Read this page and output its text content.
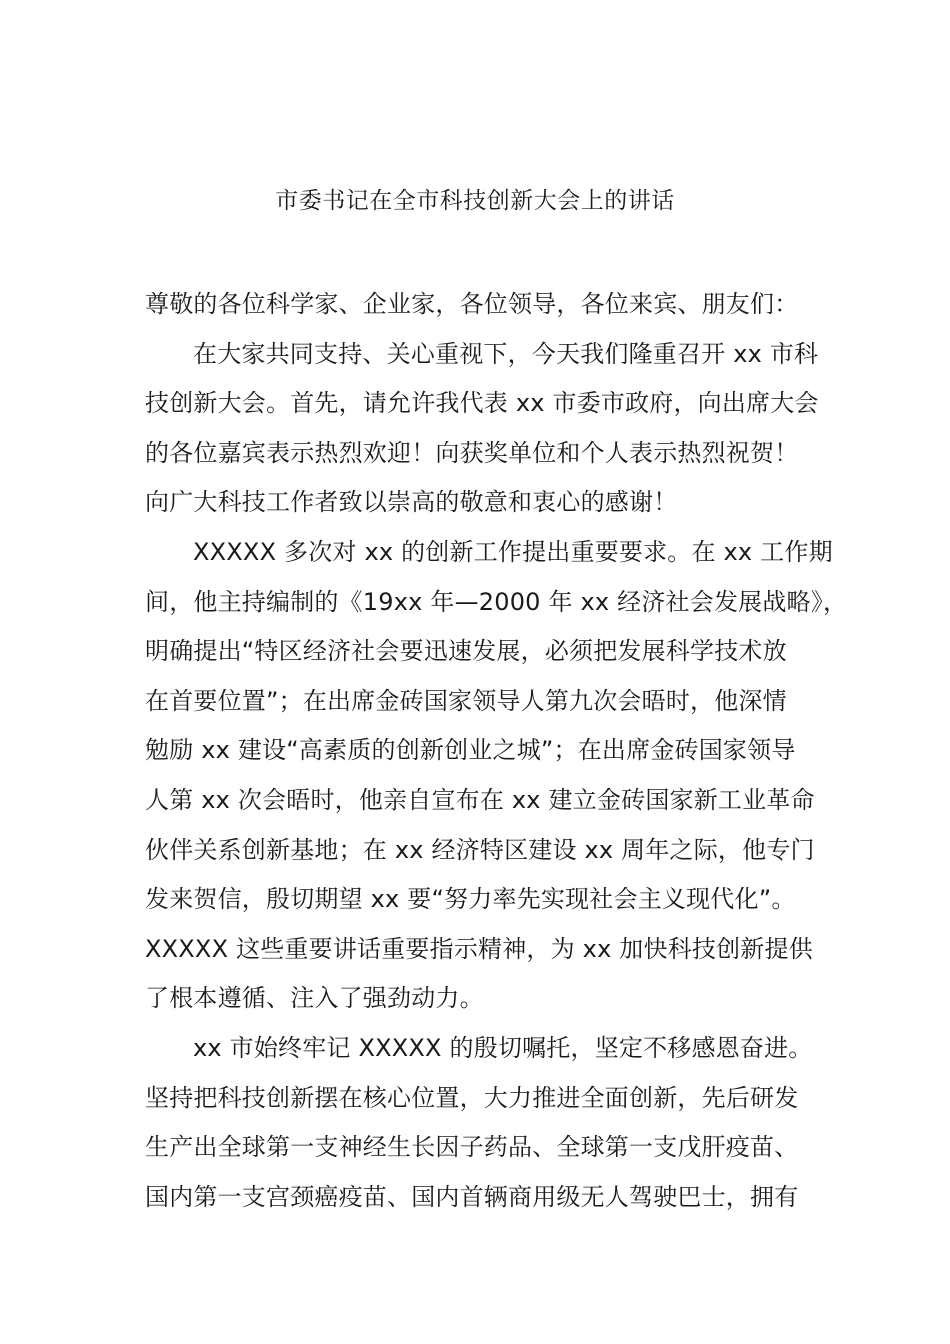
市委书记在全市科技创新大会上的讲话
尊敬的各位科学家、企业家，各位领导，各位来宾、朋友们：
在大家共同支持、关心重视下，今天我们隆重召开 xx 市科
技创新大会。首先，请允许我代表 xx 市委市政府，向出席大会
的各位嘉宾表示热烈欢迎！向获奖单位和个人表示热烈祝贺！
向广大科技工作者致以崇高的敬意和衷心的感谢！
XXXXX 多次对 xx 的创新工作提出重要要求。在 xx 工作期
间，他主持编制的《19xx 年—2000 年 xx 经济社会发展战略》，
明确提出“特区经济社会要迅速发展，必须把发展科学技术放
在首要位置”；在出席金砖国家领导人第九次会晤时，他深情
勉励 xx 建设“高素质的创新创业之城”；在出席金砖国家领导
人第 xx 次会晤时，他亲自宣布在 xx 建立金砖国家新工业革命
伙伴关系创新基地；在 xx 经济特区建设 xx 周年之际，他专门
发来贺信，殷切期望 xx 要“努力率先实现社会主义现代化”。
XXXXX 这些重要讲话重要指示精神，为 xx 加快科技创新提供
了根本遵循、注入了强劲动力。
xx 市始终牢记 XXXXX 的殷切嘱托，坚定不移感恩奋进。
坚持把科技创新摆在核心位置，大力推进全面创新，先后研发
生产出全球第一支神经生长因子药品、全球第一支戊肝疫苗、
国内第一支宫颈癌疫苗、国内首辆商用级无人驾驶巴士，拥有
